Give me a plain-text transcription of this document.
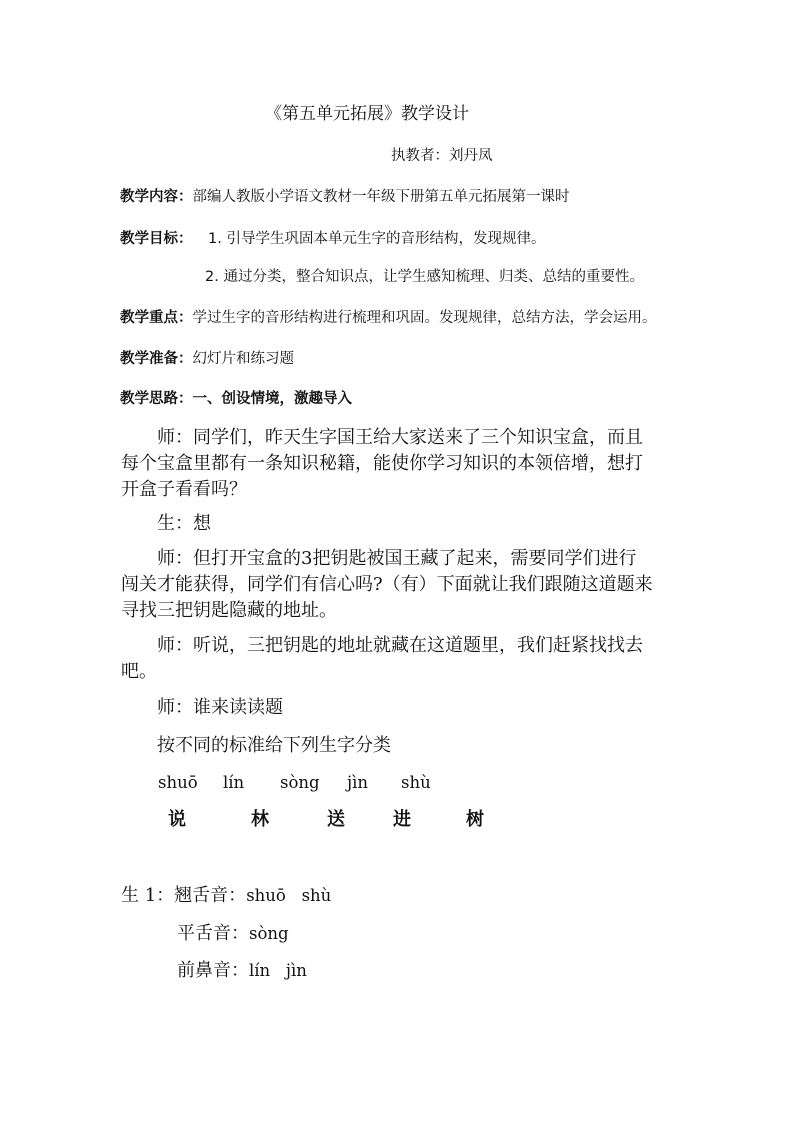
《第五单元拓展》教学设计
执教者：刘丹凤
教学内容：部编人教版小学语文教材一年级下册第五单元拓展第一课时
教学目标： 1. 引导学生巩固本单元生字的音形结构，发现规律。
2. 通过分类，整合知识点，让学生感知梳理、归类、总结的重要性。
教学重点：学过生字的音形结构进行梳理和巩固。发现规律，总结方法，学会运用。
教学准备：幻灯片和练习题
教学思路：一、创设情境，激趣导入
师：同学们，昨天生字国王给大家送来了三个知识宝盒，而且
每个宝盒里都有一条知识秘籍，能使你学习知识的本领倍增，想打
开盒子看看吗？
生：想
师：但打开宝盒的3把钥匙被国王藏了起来，需要同学们进行
闯关才能获得，同学们有信心吗?（有）下面就让我们跟随这道题来
寻找三把钥匙隐藏的地址。
师：听说，三把钥匙的地址就藏在这道题里，我们赶紧找找去
吧。
师：谁来读读题
按不同的标准给下列生字分类
shuō lín sòng jìn shù
说	林	送	进	树
生 1：翘舌音：shuō   shù
平舌音：sòng
前鼻音：lín   jìn
